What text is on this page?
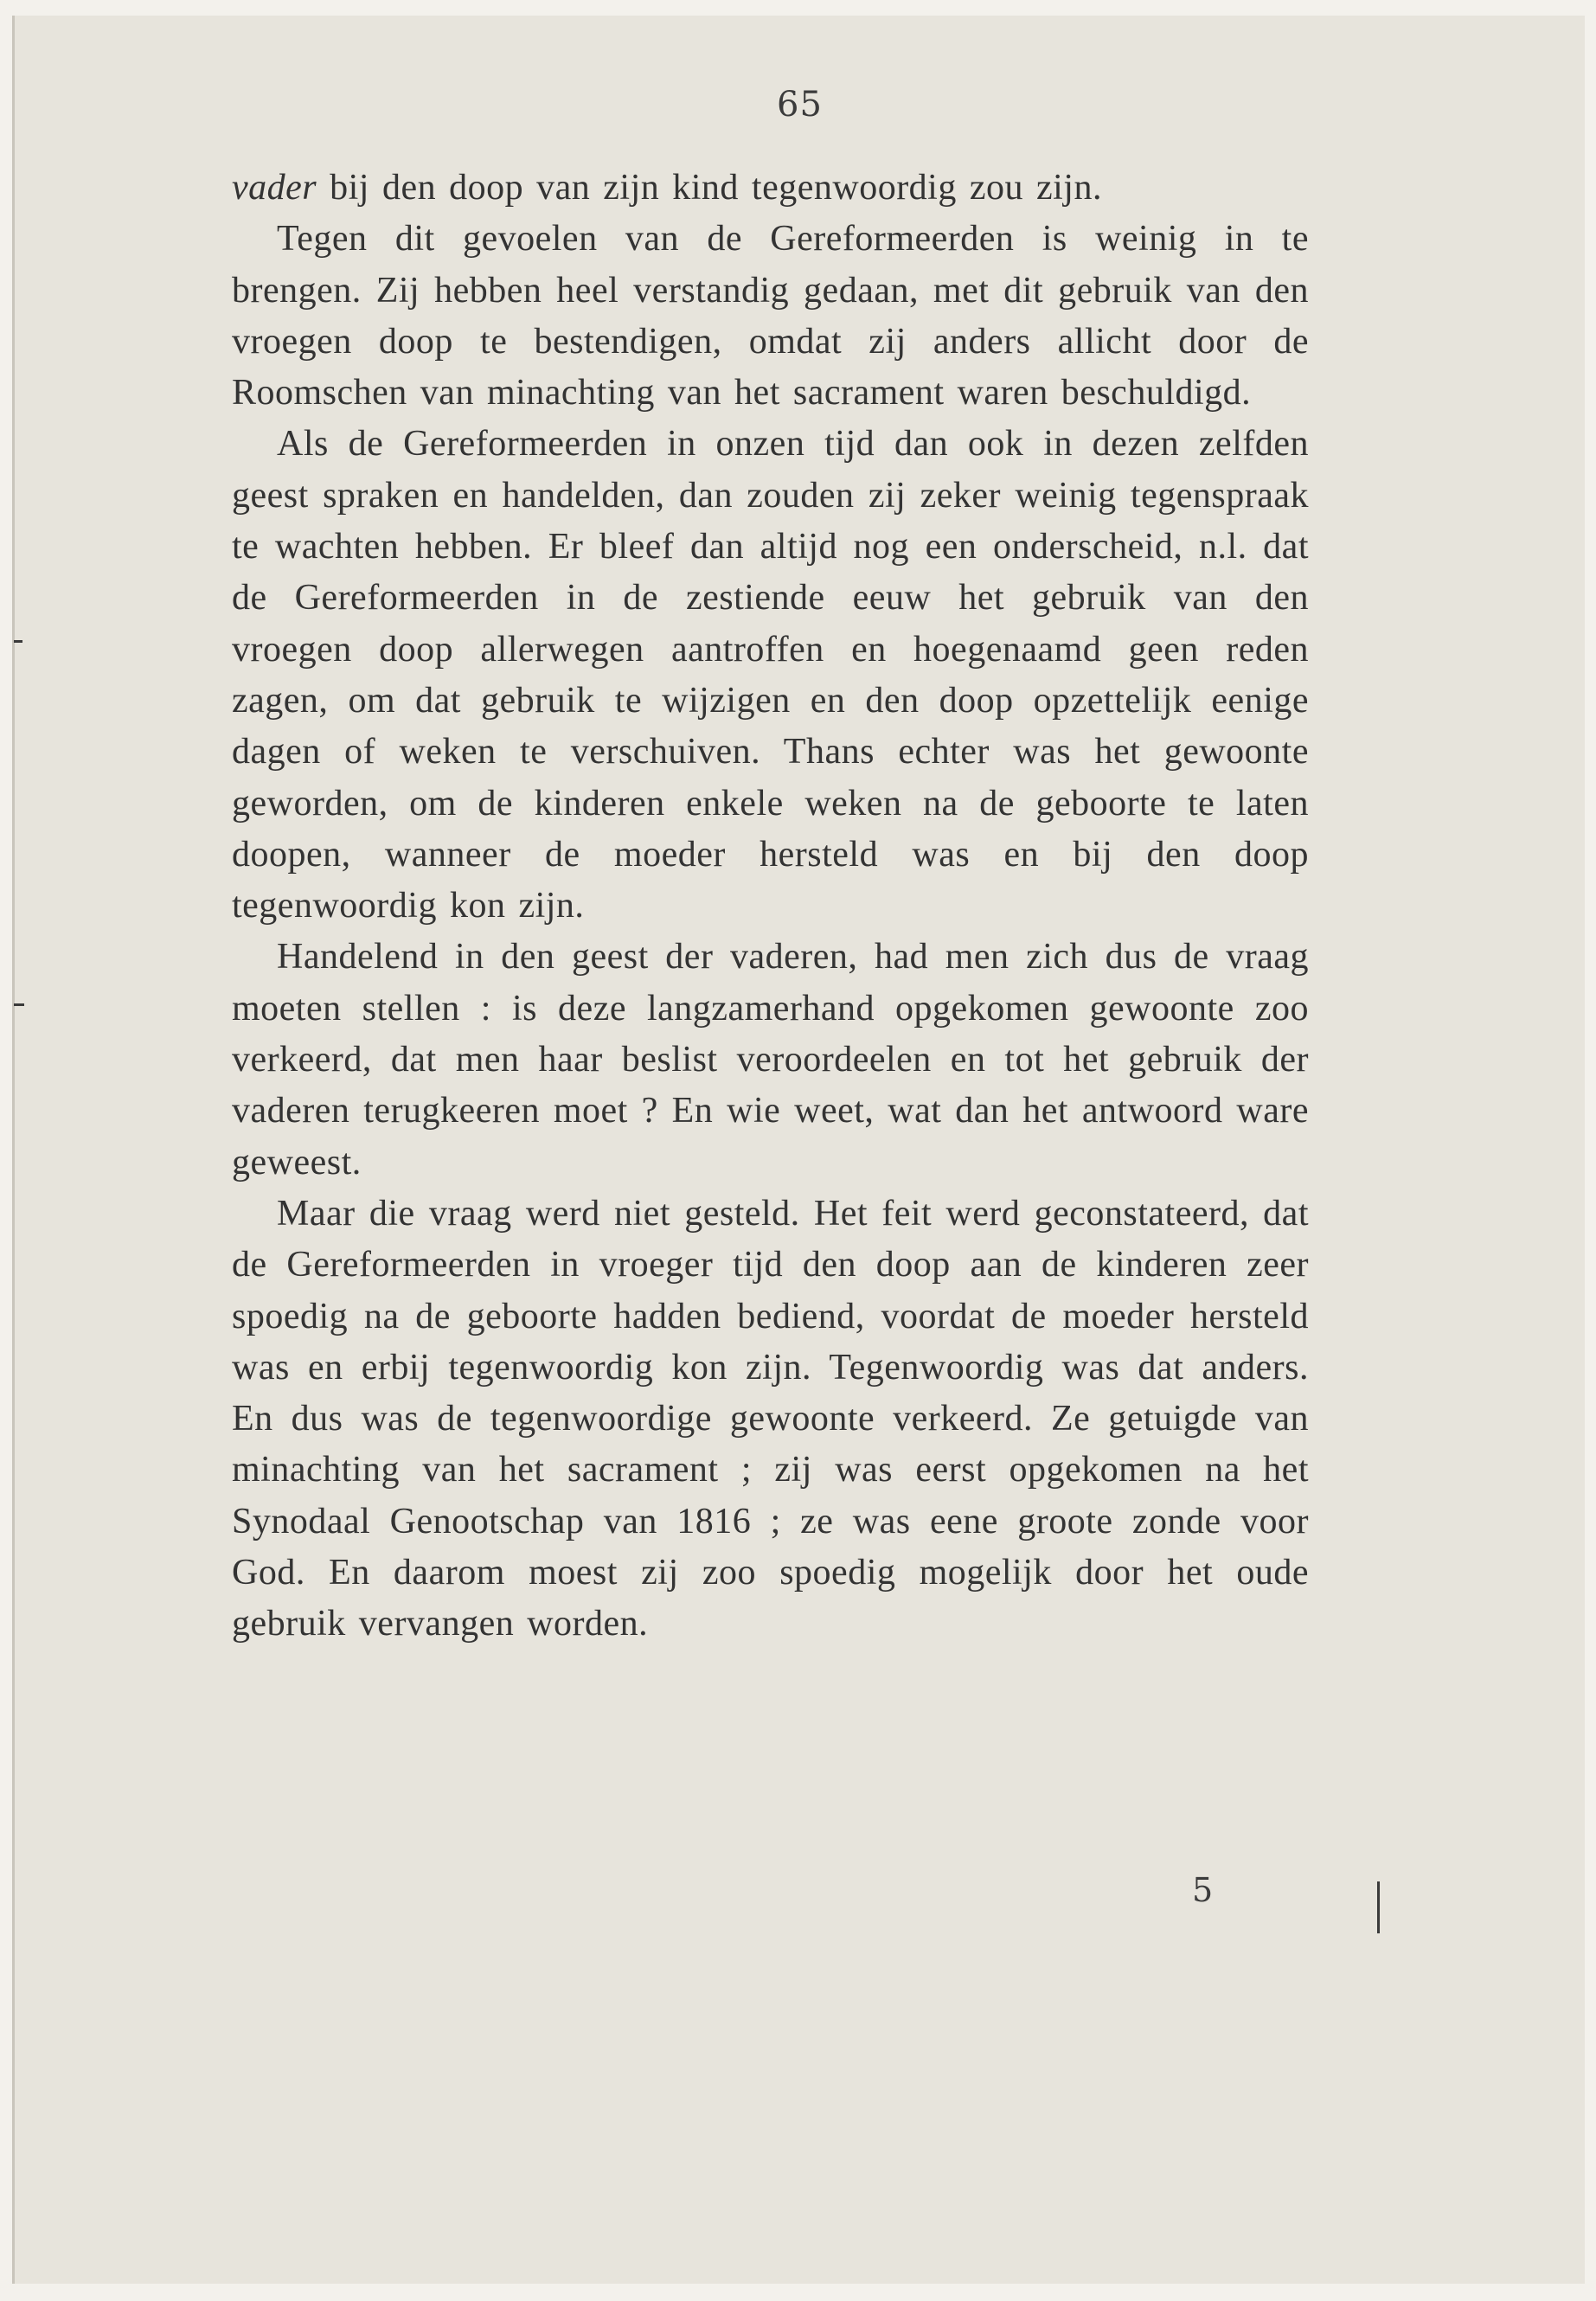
65

vader bij den doop van zijn kind tegenwoordig zou zijn.

Tegen dit gevoelen van de Gereformeerden is weinig in te brengen. Zij hebben heel verstandig gedaan, met dit gebruik van den vroegen doop te bestendigen, omdat zij anders allicht door de Roomschen van minachting van het sacrament waren beschuldigd.

Als de Gereformeerden in onzen tijd dan ook in dezen zelfden geest spraken en handelden, dan zouden zij zeker weinig tegenspraak te wachten hebben. Er bleef dan altijd nog een onderscheid, n.l. dat de Gereformeerden in de zestiende eeuw het gebruik van den vroegen doop allerwegen aantroffen en hoegenaamd geen reden zagen, om dat gebruik te wijzigen en den doop opzettelijk eenige dagen of weken te verschuiven. Thans echter was het gewoonte geworden, om de kinderen enkele weken na de geboorte te laten doopen, wanneer de moeder hersteld was en bij den doop tegenwoordig kon zijn.

Handelend in den geest der vaderen, had men zich dus de vraag moeten stellen : is deze langzamerhand opgekomen gewoonte zoo verkeerd, dat men haar beslist veroordeelen en tot het gebruik der vaderen terugkeeren moet ? En wie weet, wat dan het antwoord ware geweest.

Maar die vraag werd niet gesteld. Het feit werd geconstateerd, dat de Gereformeerden in vroeger tijd den doop aan de kinderen zeer spoedig na de geboorte hadden bediend, voordat de moeder hersteld was en erbij tegenwoordig kon zijn. Tegenwoordig was dat anders. En dus was de tegenwoordige gewoonte verkeerd. Ze getuigde van minachting van het sacrament ; zij was eerst opgekomen na het Synodaal Genootschap van 1816 ; ze was eene groote zonde voor God. En daarom moest zij zoo spoedig mogelijk door het oude gebruik vervangen worden.

5
